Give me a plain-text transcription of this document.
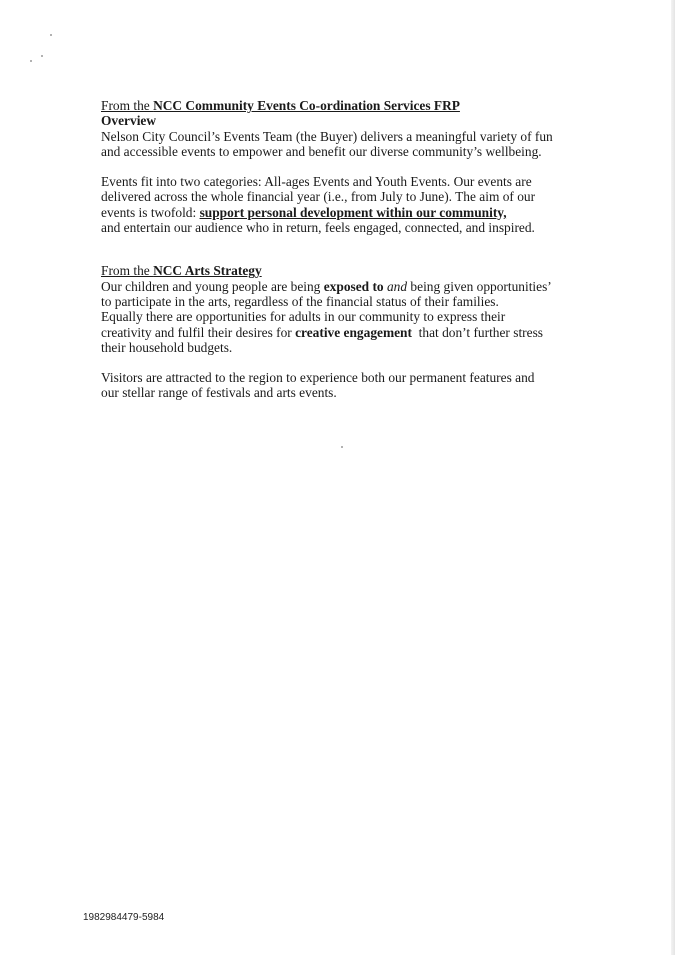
From the NCC Community Events Co-ordination Services FRP
Overview
Nelson City Council’s Events Team (the Buyer) delivers a meaningful variety of fun
and accessible events to empower and benefit our diverse community’s wellbeing.
Events fit into two categories: All-ages Events and Youth Events. Our events are
delivered across the whole financial year (i.e., from July to June). The aim of our
events is twofold: support personal development within our community,
and entertain our audience who in return, feels engaged, connected, and inspired.
From the NCC Arts Strategy
Our children and young people are being exposed to and being given opportunities’
to participate in the arts, regardless of the financial status of their families.
Equally there are opportunities for adults in our community to express their
creativity and fulfil their desires for creative engagement  that don’t further stress
their household budgets.
Visitors are attracted to the region to experience both our permanent features and
our stellar range of festivals and arts events.
1982984479-5984
